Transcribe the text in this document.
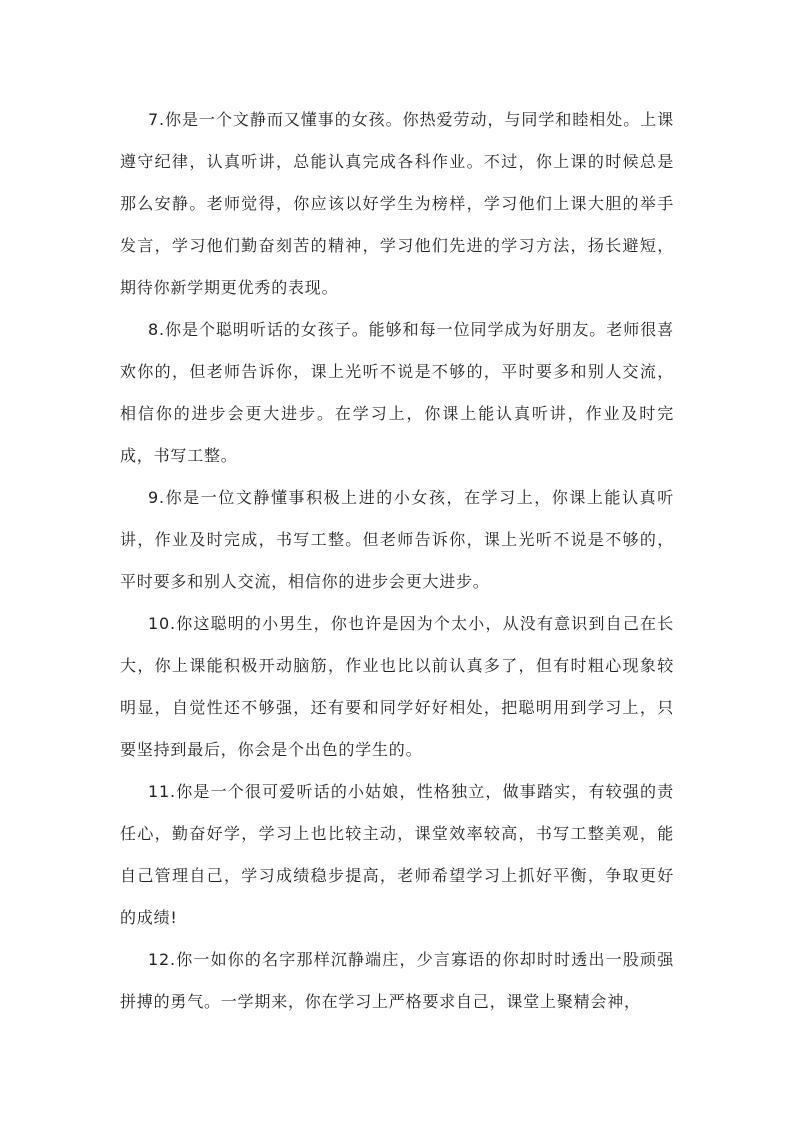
7.你是一个文静而又懂事的女孩。你热爱劳动，与同学和睦相处。上课遵守纪律，认真听讲，总能认真完成各科作业。不过，你上课的时候总是那么安静。老师觉得，你应该以好学生为榜样，学习他们上课大胆的举手发言，学习他们勤奋刻苦的精神，学习他们先进的学习方法，扬长避短，期待你新学期更优秀的表现。

8.你是个聪明听话的女孩子。能够和每一位同学成为好朋友。老师很喜欢你的，但老师告诉你，课上光听不说是不够的，平时要多和别人交流，相信你的进步会更大进步。在学习上，你课上能认真听讲，作业及时完成，书写工整。

9.你是一位文静懂事积极上进的小女孩，在学习上，你课上能认真听讲，作业及时完成，书写工整。但老师告诉你，课上光听不说是不够的，平时要多和别人交流，相信你的进步会更大进步。

10.你这聪明的小男生，你也许是因为个太小，从没有意识到自己在长大，你上课能积极开动脑筋，作业也比以前认真多了，但有时粗心现象较明显，自觉性还不够强，还有要和同学好好相处，把聪明用到学习上，只要坚持到最后，你会是个出色的学生的。

11.你是一个很可爱听话的小姑娘，性格独立，做事踏实，有较强的责任心，勤奋好学，学习上也比较主动，课堂效率较高，书写工整美观，能自己管理自己，学习成绩稳步提高，老师希望学习上抓好平衡，争取更好的成绩!

12.你一如你的名字那样沉静端庄，少言寡语的你却时时透出一股顽强拼搏的勇气。一学期来，你在学习上严格要求自己，课堂上聚精会神，
